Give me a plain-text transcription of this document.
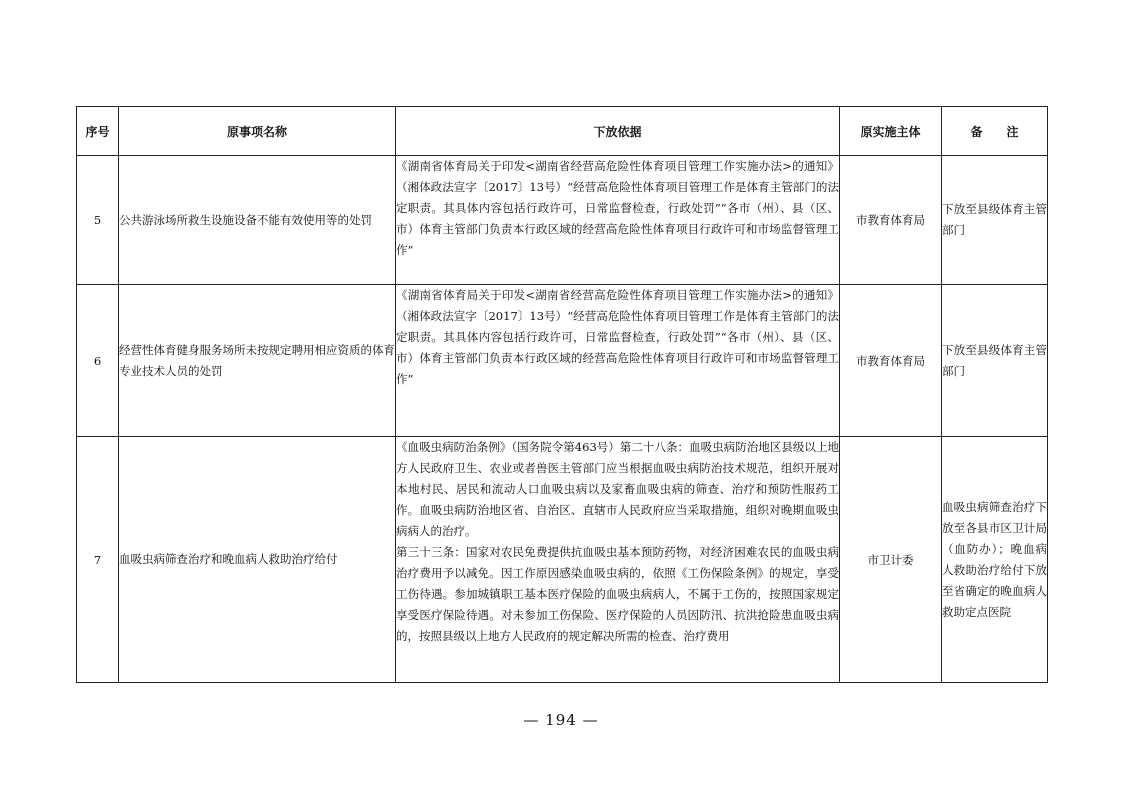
序号	原事项名称	下放依据	原实施主体	备　　注
5	公共游泳场所救生设施设备不能有效使用等的处罚	《湖南省体育局关于印发<湖南省经营高危险性体育项目管理工作实施办法>的通知》（湘体政法宣字〔2017〕13号）“经营高危险性体育项目管理工作是体育主管部门的法定职责。其具体内容包括行政许可，日常监督检查，行政处罚”“各市（州）、县（区、市）体育主管部门负责本行政区域的经营高危险性体育项目行政许可和市场监督管理工作”	市教育体育局	下放至县级体育主管部门
6	经营性体育健身服务场所未按规定聘用相应资质的体育专业技术人员的处罚	《湖南省体育局关于印发<湖南省经营高危险性体育项目管理工作实施办法>的通知》（湘体政法宣字〔2017〕13号）“经营高危险性体育项目管理工作是体育主管部门的法定职责。其具体内容包括行政许可，日常监督检查，行政处罚”“各市（州）、县（区、市）体育主管部门负责本行政区域的经营高危险性体育项目行政许可和市场监督管理工作”	市教育体育局	下放至县级体育主管部门
7	血吸虫病筛查治疗和晚血病人救助治疗给付	《血吸虫病防治条例》（国务院令第463号）第二十八条：血吸虫病防治地区县级以上地方人民政府卫生、农业或者兽医主管部门应当根据血吸虫病防治技术规范，组织开展对本地村民、居民和流动人口血吸虫病以及家畜血吸虫病的筛查、治疗和预防性服药工作。血吸虫病防治地区省、自治区、直辖市人民政府应当采取措施，组织对晚期血吸虫病病人的治疗。
第三十三条：国家对农民免费提供抗血吸虫基本预防药物，对经济困难农民的血吸虫病治疗费用予以减免。因工作原因感染血吸虫病的，依照《工伤保险条例》的规定，享受工伤待遇。参加城镇职工基本医疗保险的血吸虫病病人，不属于工伤的，按照国家规定享受医疗保险待遇。对未参加工伤保险、医疗保险的人员因防汛、抗洪抢险患血吸虫病的，按照县级以上地方人民政府的规定解决所需的检查、治疗费用	市卫计委	血吸虫病筛查治疗下放至各县市区卫计局（血防办）；晚血病人救助治疗给付下放至省确定的晚血病人救助定点医院
— 194 —
